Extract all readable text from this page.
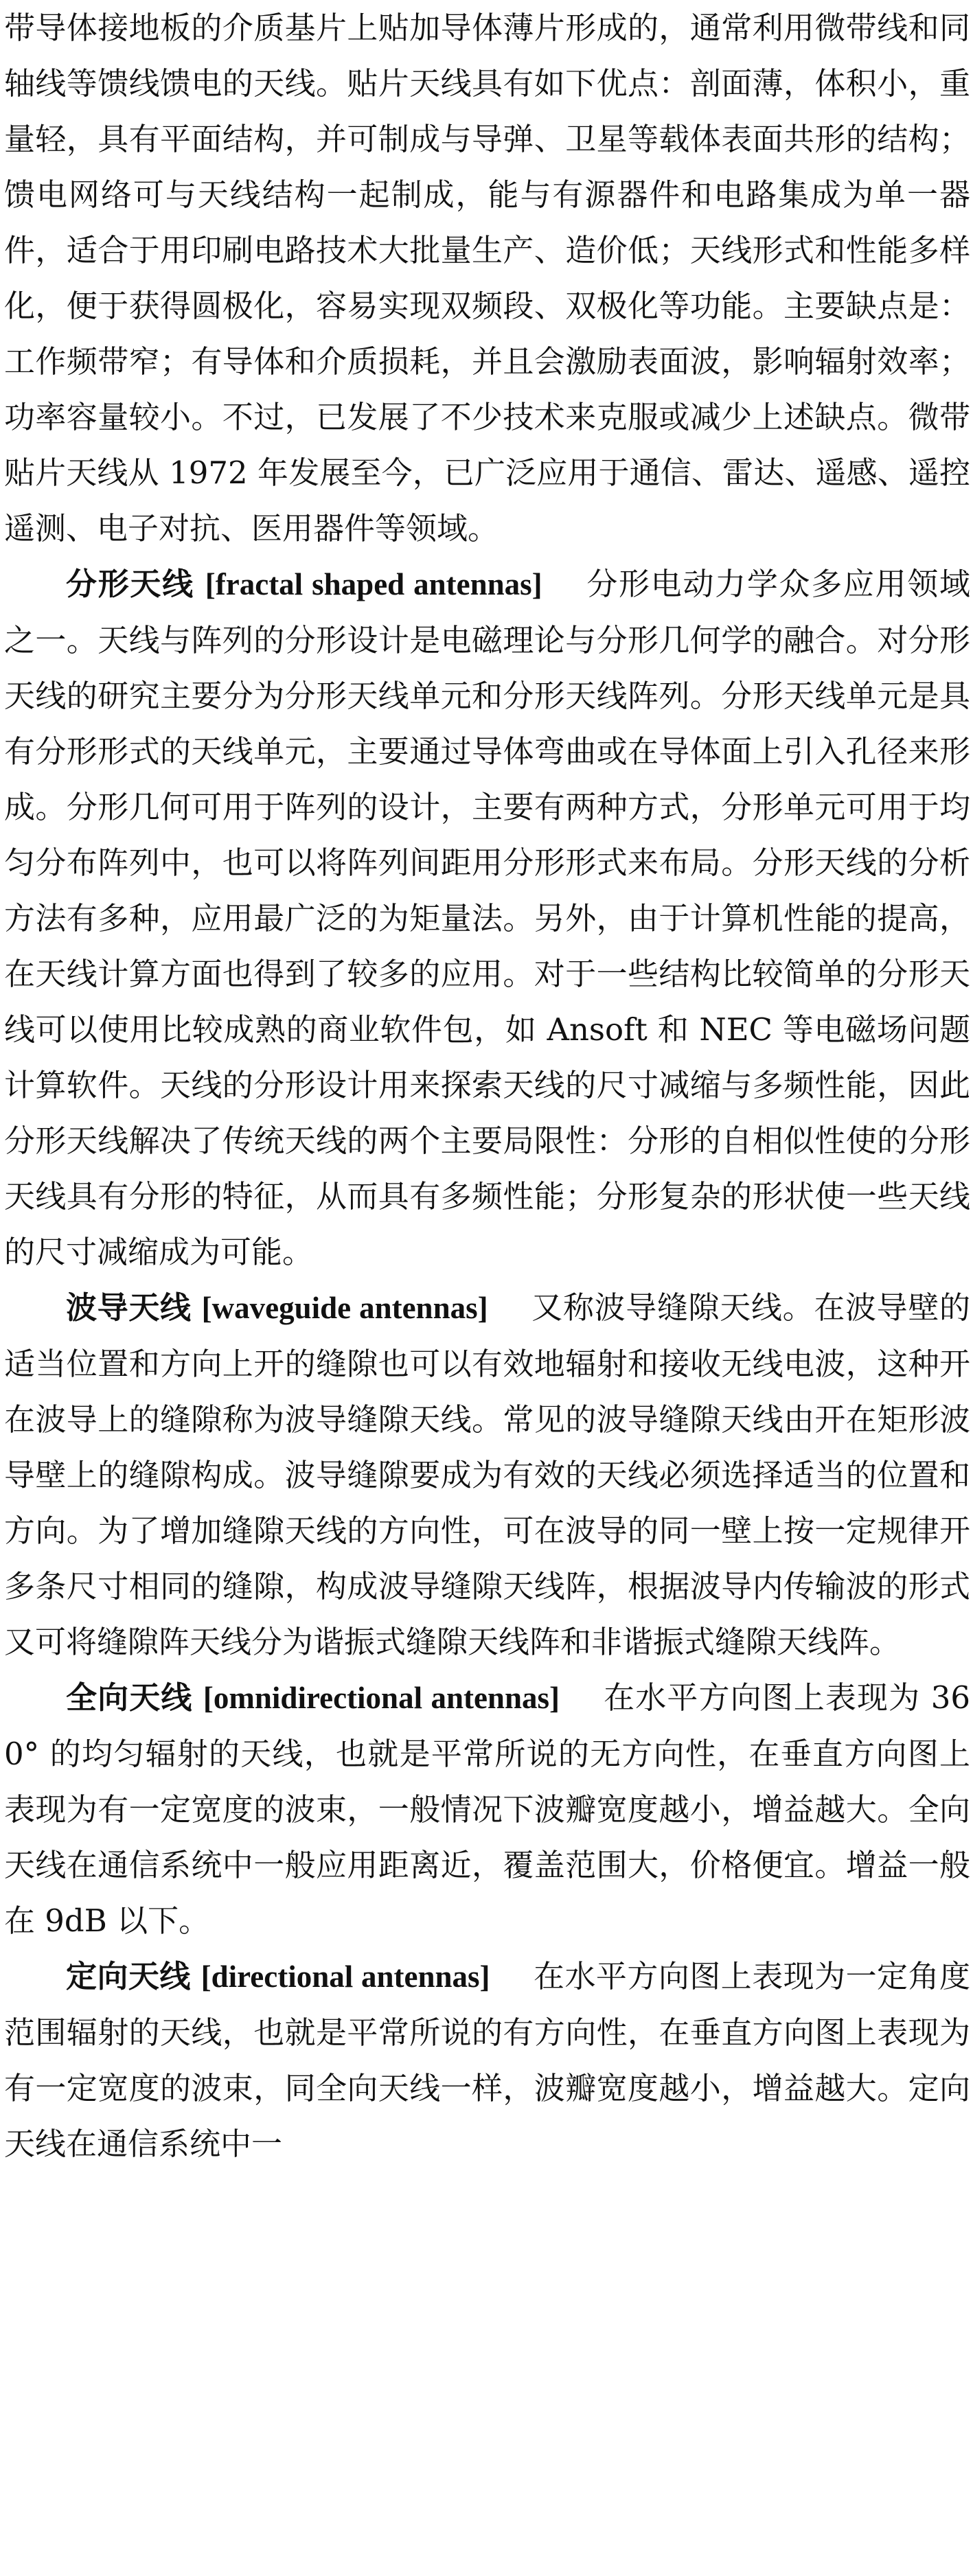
带导体接地板的介质基片上贴加导体薄片形成的，通常利用微带线和同轴线等馈线馈电的天线。贴片天线具有如下优点：剖面薄，体积小，重量轻，具有平面结构，并可制成与导弹、卫星等载体表面共形的结构；馈电网络可与天线结构一起制成，能与有源器件和电路集成为单一器件，适合于用印刷电路技术大批量生产、造价低；天线形式和性能多样化，便于获得圆极化，容易实现双频段、双极化等功能。主要缺点是：工作频带窄；有导体和介质损耗，并且会激励表面波，影响辐射效率；功率容量较小。不过，已发展了不少技术来克服或减少上述缺点。微带贴片天线从 1972 年发展至今，已广泛应用于通信、雷达、遥感、遥控遥测、电子对抗、医用器件等领域。

分形天线 [fractal shaped antennas] 分形电动力学众多应用领域之一。天线与阵列的分形设计是电磁理论与分形几何学的融合。对分形天线的研究主要分为分形天线单元和分形天线阵列。分形天线单元是具有分形形式的天线单元，主要通过导体弯曲或在导体面上引入孔径来形成。分形几何可用于阵列的设计，主要有两种方式，分形单元可用于均匀分布阵列中，也可以将阵列间距用分形形式来布局。分形天线的分析方法有多种，应用最广泛的为矩量法。另外，由于计算机性能的提高，在天线计算方面也得到了较多的应用。对于一些结构比较简单的分形天线可以使用比较成熟的商业软件包，如 Ansoft 和 NEC 等电磁场问题计算软件。天线的分形设计用来探索天线的尺寸减缩与多频性能，因此分形天线解决了传统天线的两个主要局限性：分形的自相似性使的分形天线具有分形的特征，从而具有多频性能；分形复杂的形状使一些天线的尺寸减缩成为可能。

波导天线 [waveguide antennas] 又称波导缝隙天线。在波导壁的适当位置和方向上开的缝隙也可以有效地辐射和接收无线电波，这种开在波导上的缝隙称为波导缝隙天线。常见的波导缝隙天线由开在矩形波导壁上的缝隙构成。波导缝隙要成为有效的天线必须选择适当的位置和方向。为了增加缝隙天线的方向性，可在波导的同一壁上按一定规律开多条尺寸相同的缝隙，构成波导缝隙天线阵，根据波导内传输波的形式又可将缝隙阵天线分为谐振式缝隙天线阵和非谐振式缝隙天线阵。

全向天线 [omnidirectional antennas] 在水平方向图上表现为 360° 的均匀辐射的天线，也就是平常所说的无方向性，在垂直方向图上表现为有一定宽度的波束，一般情况下波瓣宽度越小，增益越大。全向天线在通信系统中一般应用距离近，覆盖范围大，价格便宜。增益一般在 9dB 以下。

定向天线 [directional antennas] 在水平方向图上表现为一定角度范围辐射的天线，也就是平常所说的有方向性，在垂直方向图上表现为有一定宽度的波束，同全向天线一样，波瓣宽度越小，增益越大。定向天线在通信系统中一
